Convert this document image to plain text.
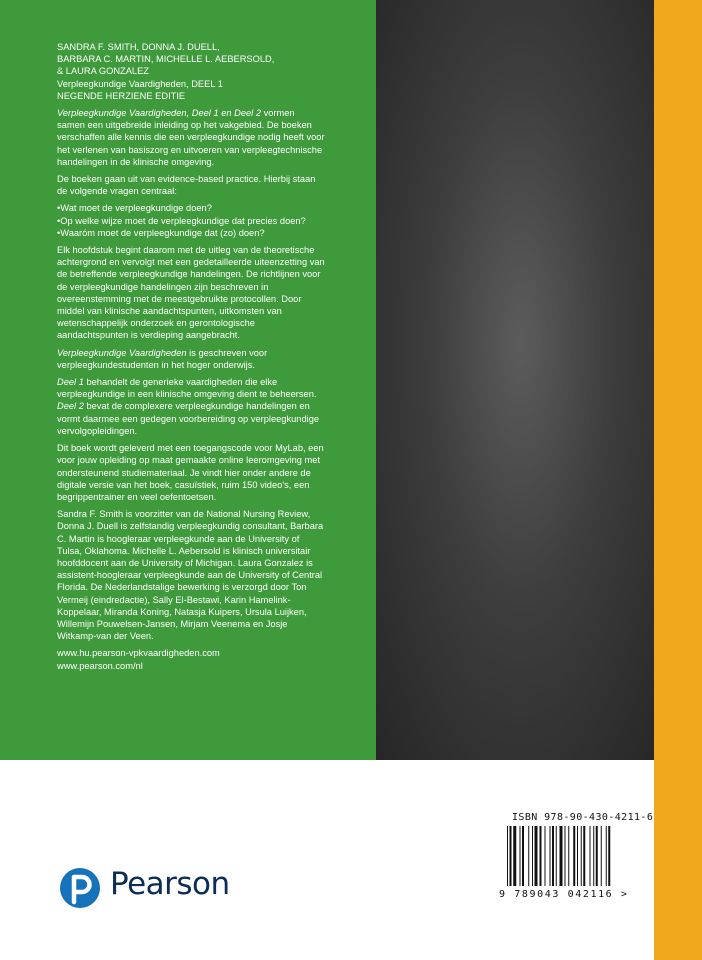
SANDRA F. SMITH, DONNA J. DUELL,
BARBARA C. MARTIN, MICHELLE L. AEBERSOLD,
& LAURA GONZALEZ
Verpleegkundige Vaardigheden, DEEL 1
NEGENDE HERZIENE EDITIE

Verpleegkundige Vaardigheden, Deel 1 en Deel 2 vormen samen een uitgebreide inleiding op het vakgebied. De boeken verschaffen alle kennis die een verpleegkundige nodig heeft voor het verlenen van basiszorg en uitvoeren van verpleegtechnische handelingen in de klinische omgeving.

De boeken gaan uit van evidence-based practice. Hierbij staan de volgende vragen centraal:

• Wat moet de verpleegkundige doen?
• Op welke wijze moet de verpleegkundige dat precies doen?
• Waaróm moet de verpleegkundige dat (zo) doen?

Elk hoofdstuk begint daarom met de uitleg van de theoretische achtergrond en vervolgt met een gedetailleerde uiteenzetting van de betreffende verpleegkundige handelingen. De richtlijnen voor de verpleegkundige handelingen zijn beschreven in overeenstemming met de meestgebruikte protocollen. Door middel van klinische aandachtspunten, uitkomsten van wetenschappelijk onderzoek en gerontologische aandachtspunten is verdieping aangebracht.

Verpleegkundige Vaardigheden is geschreven voor verpleegkundestudenten in het hoger onderwijs.

Deel 1 behandelt de generieke vaardigheden die elke verpleegkundige in een klinische omgeving dient te beheersen. Deel 2 bevat de complexere verpleegkundige handelingen en vormt daarmee een gedegen voorbereiding op verpleegkundige vervolgopleidingen.

Dit boek wordt geleverd met een toegangscode voor MyLab, een voor jouw opleiding op maat gemaakte online leeromgeving met ondersteunend studiemateriaal. Je vindt hier onder andere de digitale versie van het boek, casuïstiek, ruim 150 video's, een begrippentrainer en veel oefentoetsen.

Sandra F. Smith is voorzitter van de National Nursing Review, Donna J. Duell is zelfstandig verpleegkundig consultant, Barbara C. Martin is hoogleraar verpleegkunde aan de University of Tulsa, Oklahoma. Michelle L. Aebersold is klinisch universitair hoofddocent aan de University of Michigan. Laura Gonzalez is assistent-hoogleraar verpleegkunde aan de University of Central Florida. De Nederlandstalige bewerking is verzorgd door Ton Vermeij (eindredactie), Sally El-Bestawi, Karin Hamelink-Koppelaar, Miranda Koning, Natasja Kuipers, Ursula Luijken, Willemijn Pouwelsen-Jansen, Mirjam Veenema en Josje Witkamp-van der Veen.

www.hu.pearson-vpkvaardigheden.com
www.pearson.com/nl

Pearson
ISBN 978-90-430-4211-6
9 789043 042116 >
